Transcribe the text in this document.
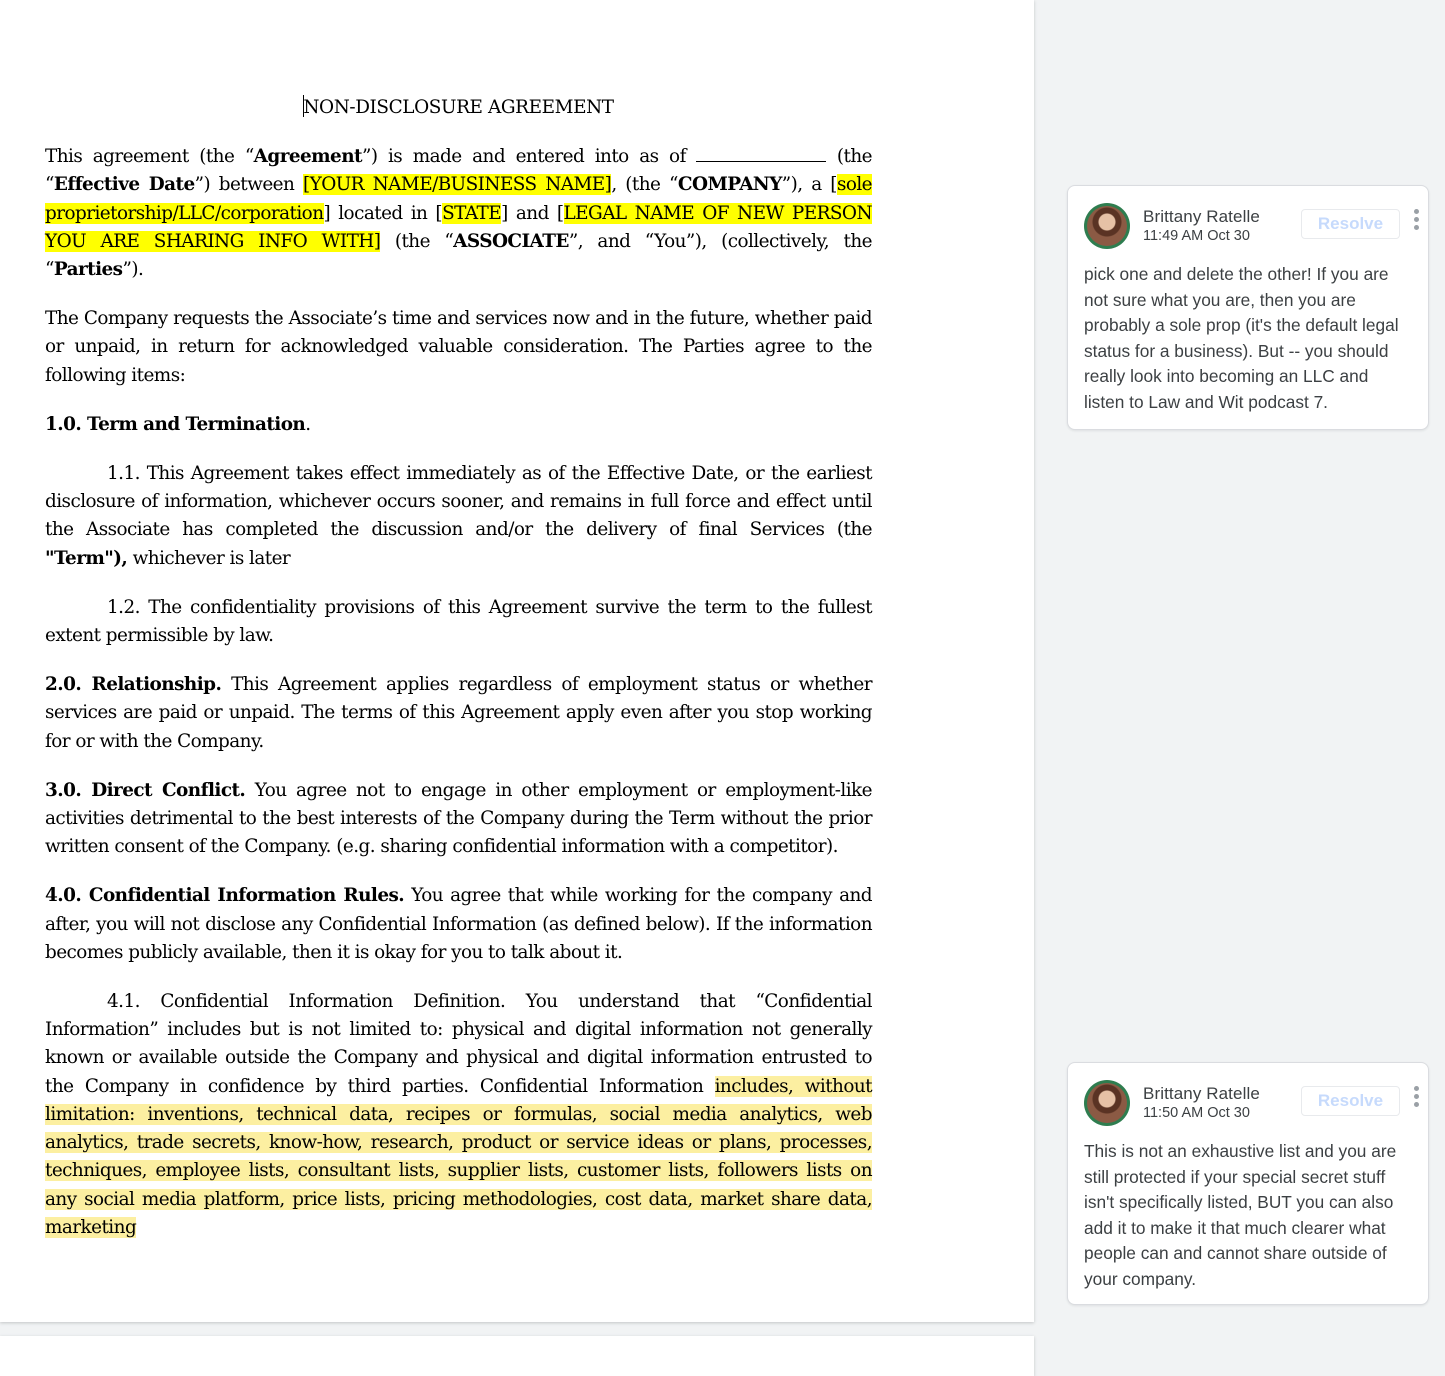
NON-DISCLOSURE AGREEMENT

This agreement (the “Agreement”) is made and entered into as of	(the “Effective Date”) between [YOUR NAME/BUSINESS NAME], (the “COMPANY”), a [sole proprietorship/LLC/corporation] located in [STATE] and [LEGAL NAME OF NEW PERSON YOU ARE SHARING INFO WITH] (the “ASSOCIATE”, and “You”), (collectively, the “Parties”).

The Company requests the Associate’s time and services now and in the future, whether paid or unpaid, in return for acknowledged valuable consideration. The Parties agree to the following items:

1.0. Term and Termination.

1.1. This Agreement takes effect immediately as of the Effective Date, or the earliest disclosure of information, whichever occurs sooner, and remains in full force and effect until the Associate has completed the discussion and/or the delivery of final Services (the "Term"), whichever is later

1.2. The confidentiality provisions of this Agreement survive the term to the fullest extent permissible by law.

2.0. Relationship. This Agreement applies regardless of employment status or whether services are paid or unpaid. The terms of this Agreement apply even after you stop working for or with the Company.

3.0. Direct Conflict. You agree not to engage in other employment or employment-like activities detrimental to the best interests of the Company during the Term without the prior written consent of the Company. (e.g. sharing confidential information with a competitor).

4.0. Confidential Information Rules. You agree that while working for the company and after, you will not disclose any Confidential Information (as defined below). If the information becomes publicly available, then it is okay for you to talk about it.

4.1. Confidential Information Definition. You understand that “Confidential Information” includes but is not limited to: physical and digital information not generally known or available outside the Company and physical and digital information entrusted to the Company in confidence by third parties. Confidential Information includes, without limitation: inventions, technical data, recipes or formulas, social media analytics, web analytics, trade secrets, know-how, research, product or service ideas or plans, processes, techniques, employee lists, consultant lists, supplier lists, customer lists, followers lists on any social media platform, price lists, pricing methodologies, cost data, market share data, marketing

Brittany Ratelle
11:49 AM Oct 30
Resolve
pick one and delete the other! If you are not sure what you are, then you are probably a sole prop (it's the default legal status for a business). But -- you should really look into becoming an LLC and listen to Law and Wit podcast 7.
Brittany Ratelle
11:50 AM Oct 30
Resolve
This is not an exhaustive list and you are still protected if your special secret stuff isn't specifically listed, BUT you can also add it to make it that much clearer what people can and cannot share outside of your company.
